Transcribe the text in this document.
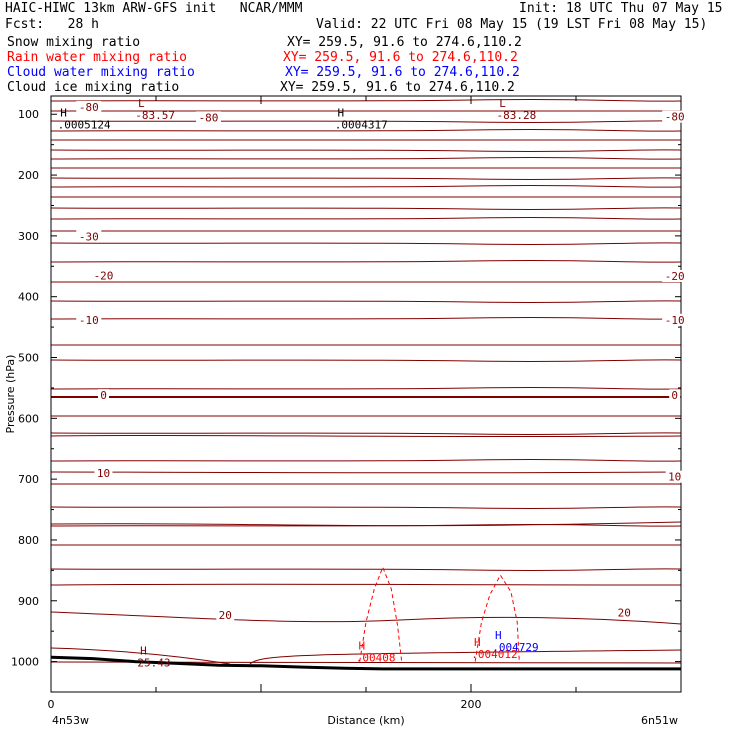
HAIC-HIWC 13km ARW-GFS init   NCAR/MMM	Init: 18 UTC Thu 07 May 15
Fcst:   28 h	Valid: 22 UTC Fri 08 May 15 (19 LST Fri 08 May 15)
Snow mixing ratio	XY= 259.5, 91.6 to 274.6,110.2
Rain water mixing ratio	XY= 259.5, 91.6 to 274.6,110.2
Cloud water mixing ratio	XY= 259.5, 91.6 to 274.6,110.2
Cloud ice mixing ratio	XY= 259.5, 91.6 to 274.6,110.2
100
200
300
400
500
600
700
800
900
1000
0	200
-80
-80	-80
-30
-20	-20
-10	-10
0	0
10	10
20	20
L
-83.57
L
-83.28
H
.0005124
H
.0004317
H
25.43
H
.00408
H
.004012
H
.004729
Pressure (hPa)
Distance (km)
4n53w	6n51w
